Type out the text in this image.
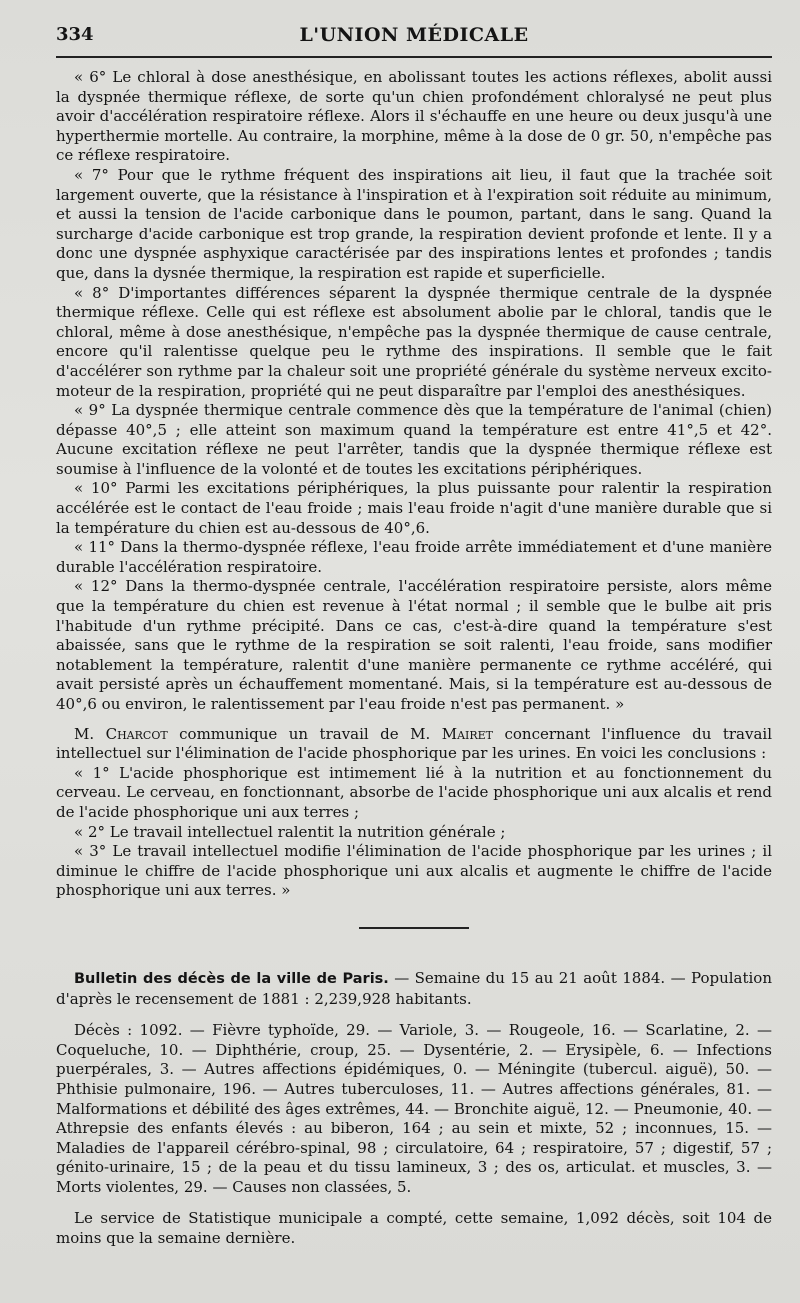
334	L'UNION MÉDICALE

« 6° Le chloral à dose anesthésique, en abolissant toutes les actions réflexes, abolit aussi la dyspnée thermique réflexe, de sorte qu'un chien profondément chloralysé ne peut plus avoir d'accélération respiratoire réflexe. Alors il s'échauffe en une heure ou deux jusqu'à une hyperthermie mortelle. Au contraire, la morphine, même à la dose de 0 gr. 50, n'empêche pas ce réflexe respiratoire.

« 7° Pour que le rythme fréquent des inspirations ait lieu, il faut que la trachée soit largement ouverte, que la résistance à l'inspiration et à l'expiration soit réduite au minimum, et aussi la tension de l'acide carbonique dans le poumon, partant, dans le sang. Quand la surcharge d'acide carbonique est trop grande, la respiration devient profonde et lente. Il y a donc une dyspnée asphyxique caractérisée par des inspirations lentes et profondes ; tandis que, dans la dysnée thermique, la respiration est rapide et superficielle.

« 8° D'importantes différences séparent la dyspnée thermique centrale de la dyspnée thermique réflexe. Celle qui est réflexe est absolument abolie par le chloral, tandis que le chloral, même à dose anesthésique, n'empêche pas la dyspnée thermique de cause centrale, encore qu'il ralentisse quelque peu le rythme des inspirations. Il semble que le fait d'accélérer son rythme par la chaleur soit une propriété générale du système nerveux excito-moteur de la respiration, propriété qui ne peut disparaître par l'emploi des anesthésiques.

« 9° La dyspnée thermique centrale commence dès que la température de l'animal (chien) dépasse 40°,5 ; elle atteint son maximum quand la température est entre 41°,5 et 42°. Aucune excitation réflexe ne peut l'arrêter, tandis que la dyspnée thermique réflexe est soumise à l'influence de la volonté et de toutes les excitations périphériques.

« 10° Parmi les excitations périphériques, la plus puissante pour ralentir la respiration accélérée est le contact de l'eau froide ; mais l'eau froide n'agit d'une manière durable que si la température du chien est au-dessous de 40°,6.

« 11° Dans la thermo-dyspnée réflexe, l'eau froide arrête immédiatement et d'une manière durable l'accélération respiratoire.

« 12° Dans la thermo-dyspnée centrale, l'accélération respiratoire persiste, alors même que la température du chien est revenue à l'état normal ; il semble que le bulbe ait pris l'habitude d'un rythme précipité. Dans ce cas, c'est-à-dire quand la température s'est abaissée, sans que le rythme de la respiration se soit ralenti, l'eau froide, sans modifier notablement la température, ralentit d'une manière permanente ce rythme accéléré, qui avait persisté après un échauffement momentané. Mais, si la température est au-dessous de 40°,6 ou environ, le ralentissement par l'eau froide n'est pas permanent. »

M. Charcot communique un travail de M. Mairet concernant l'influence du travail intellectuel sur l'élimination de l'acide phosphorique par les urines. En voici les conclusions :

« 1° L'acide phosphorique est intimement lié à la nutrition et au fonctionnement du cerveau. Le cerveau, en fonctionnant, absorbe de l'acide phosphorique uni aux alcalis et rend de l'acide phosphorique uni aux terres ;

« 2° Le travail intellectuel ralentit la nutrition générale ;

« 3° Le travail intellectuel modifie l'élimination de l'acide phosphorique par les urines ; il diminue le chiffre de l'acide phosphorique uni aux alcalis et augmente le chiffre de l'acide phosphorique uni aux terres. »

Bulletin des décès de la ville de Paris. — Semaine du 15 au 21 août 1884. — Population d'après le recensement de 1881 : 2,239,928 habitants.

Décès : 1092. — Fièvre typhoïde, 29. — Variole, 3. — Rougeole, 16. — Scarlatine, 2. — Coqueluche, 10. — Diphthérie, croup, 25. — Dysentérie, 2. — Erysipèle, 6. — Infections puerpérales, 3. — Autres affections épidémiques, 0. — Méningite (tubercul. aiguë), 50. — Phthisie pulmonaire, 196. — Autres tuberculoses, 11. — Autres affections générales, 81. — Malformations et débilité des âges extrêmes, 44. — Bronchite aiguë, 12. — Pneumonie, 40. — Athrepsie des enfants élevés : au biberon, 164 ; au sein et mixte, 52 ; inconnues, 15. — Maladies de l'appareil cérébro-spinal, 98 ; circulatoire, 64 ; respiratoire, 57 ; digestif, 57 ; génito-urinaire, 15 ; de la peau et du tissu lamineux, 3 ; des os, articulat. et muscles, 3. — Morts violentes, 29. — Causes non classées, 5.

Le service de Statistique municipale a compté, cette semaine, 1,092 décès, soit 104 de moins que la semaine dernière.
